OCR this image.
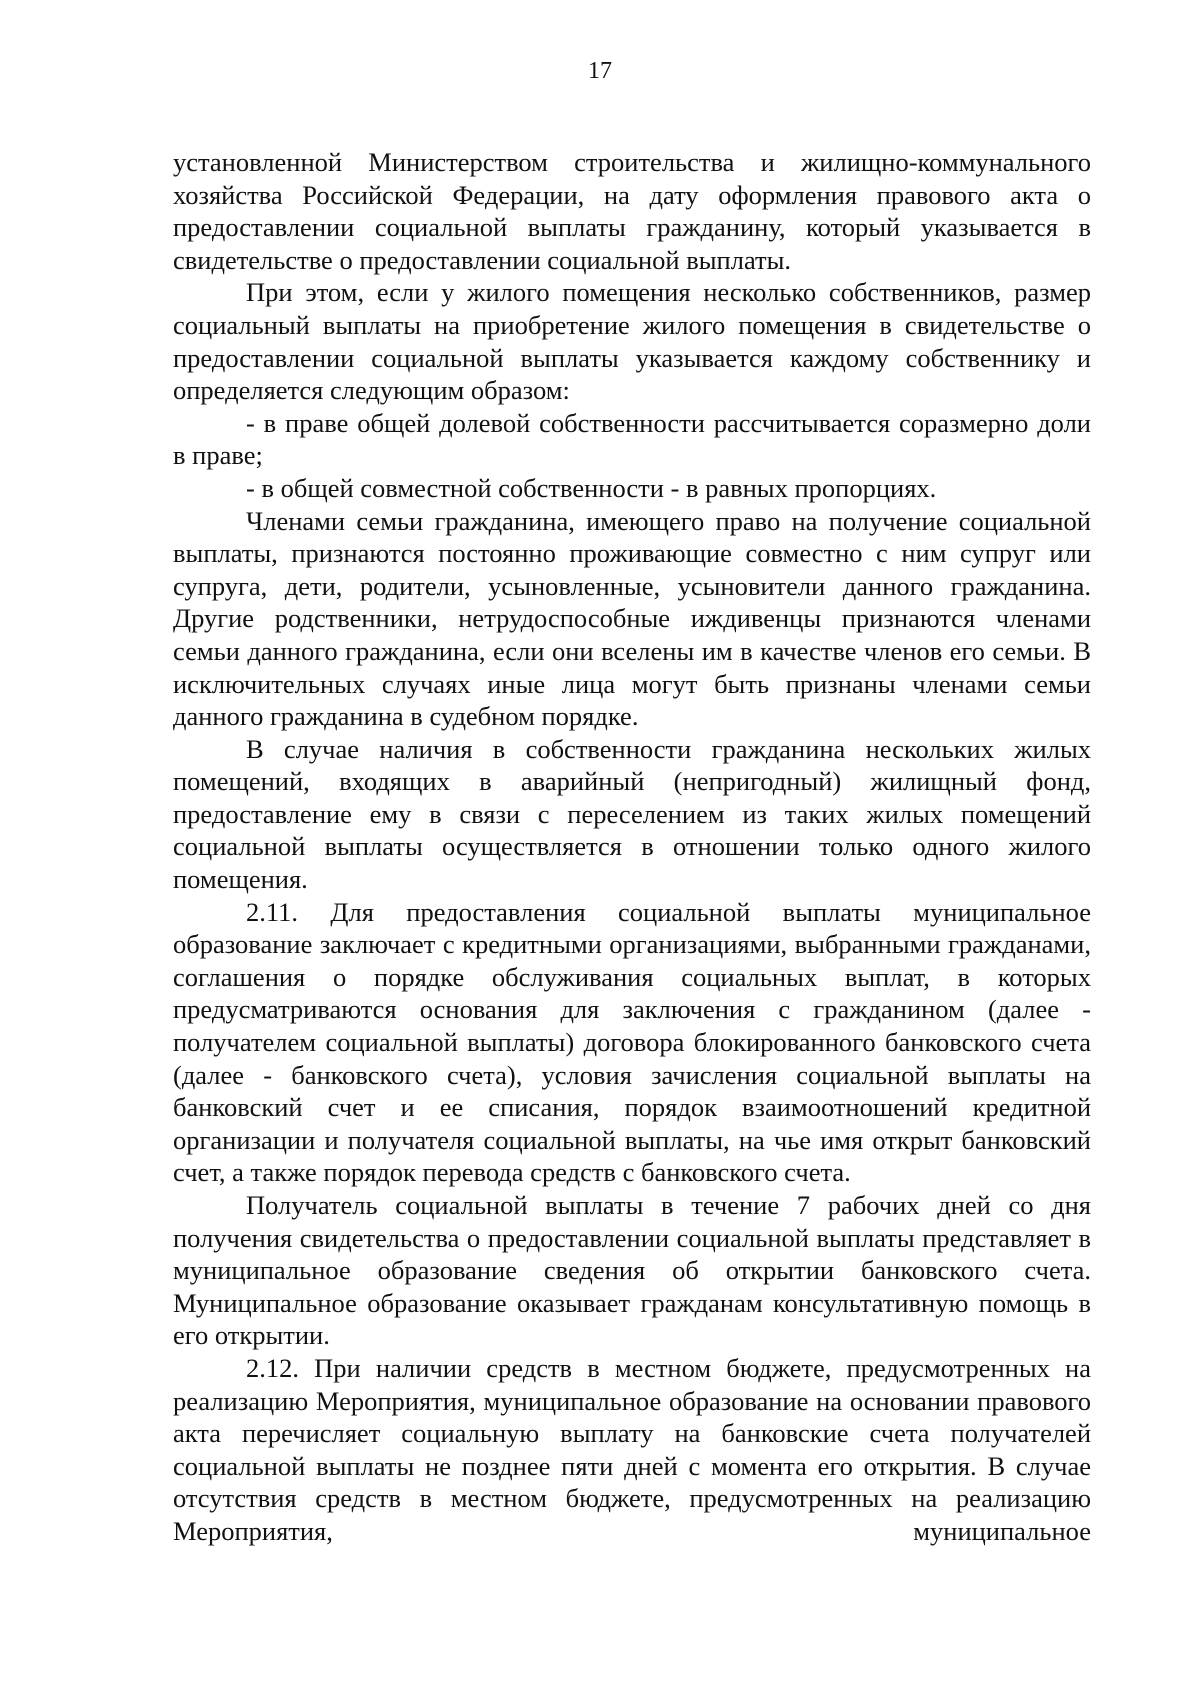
17

установленной Министерством строительства и жилищно-коммунального хозяйства Российской Федерации, на дату оформления правового акта о предоставлении социальной выплаты гражданину, который указывается в свидетельстве о предоставлении социальной выплаты.

При этом, если у жилого помещения несколько собственников, размер социальный выплаты на приобретение жилого помещения в свидетельстве о предоставлении социальной выплаты указывается каждому собственнику и определяется следующим образом:

- в праве общей долевой собственности рассчитывается соразмерно доли в праве;

- в общей совместной собственности - в равных пропорциях.

Членами семьи гражданина, имеющего право на получение социальной выплаты, признаются постоянно проживающие совместно с ним супруг или супруга, дети, родители, усыновленные, усыновители данного гражданина. Другие родственники, нетрудоспособные иждивенцы признаются членами семьи данного гражданина, если они вселены им в качестве членов его семьи. В исключительных случаях иные лица могут быть признаны членами семьи данного гражданина в судебном порядке.

В случае наличия в собственности гражданина нескольких жилых помещений, входящих в аварийный (непригодный) жилищный фонд, предоставление ему в связи с переселением из таких жилых помещений социальной выплаты осуществляется в отношении только одного жилого помещения.

2.11. Для предоставления социальной выплаты муниципальное образование заключает с кредитными организациями, выбранными гражданами, соглашения о порядке обслуживания социальных выплат, в которых предусматриваются основания для заключения с гражданином (далее - получателем социальной выплаты) договора блокированного банковского счета (далее - банковского счета), условия зачисления социальной выплаты на банковский счет и ее списания, порядок взаимоотношений кредитной организации и получателя социальной выплаты, на чье имя открыт банковский счет, а также порядок перевода средств с банковского счета.

Получатель социальной выплаты в течение 7 рабочих дней со дня получения свидетельства о предоставлении социальной выплаты представляет в муниципальное образование сведения об открытии банковского счета. Муниципальное образование оказывает гражданам консультативную помощь в его открытии.

2.12. При наличии средств в местном бюджете, предусмотренных на реализацию Мероприятия, муниципальное образование на основании правового акта перечисляет социальную выплату на банковские счета получателей социальной выплаты не позднее пяти дней с момента его открытия. В случае отсутствия средств в местном бюджете, предусмотренных на реализацию Мероприятия, муниципальное
